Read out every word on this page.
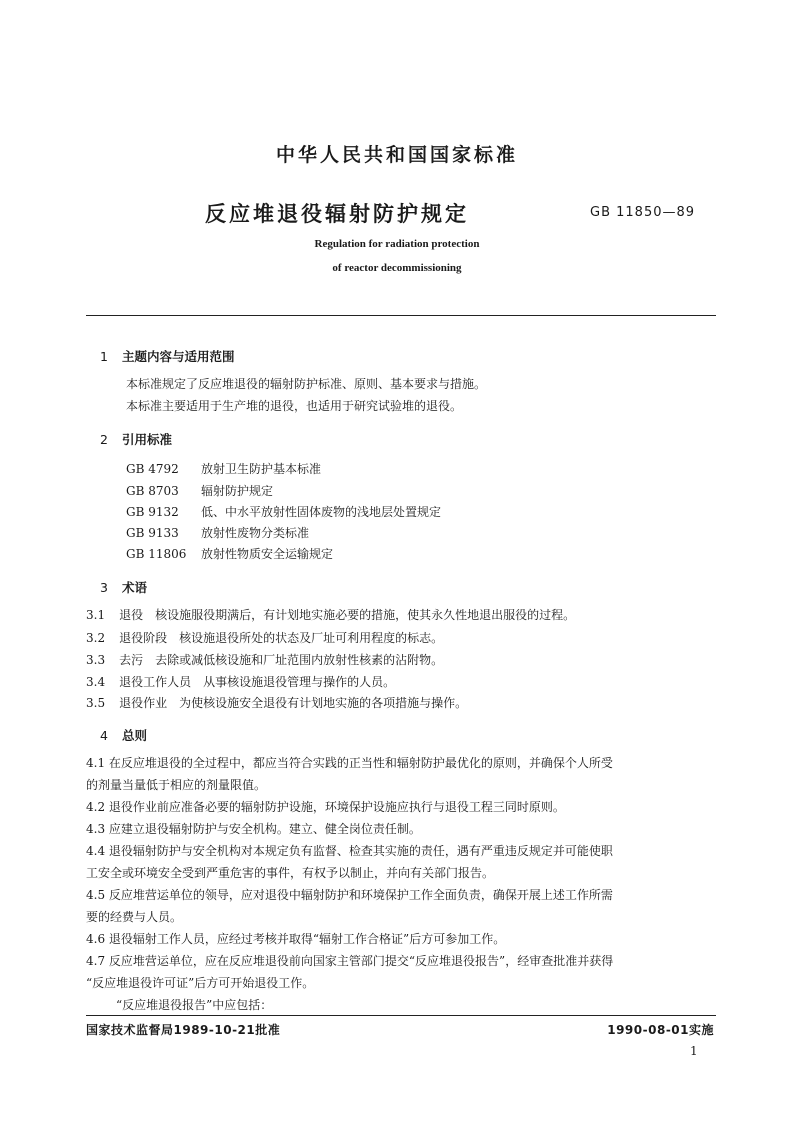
中华人民共和国国家标准
反应堆退役辐射防护规定	GB 11850—89
Regulation for radiation protection
of reactor decommissioning
1 主题内容与适用范围
本标准规定了反应堆退役的辐射防护标准、原则、基本要求与措施。
本标准主要适用于生产堆的退役，也适用于研究试验堆的退役。
2 引用标准
GB 4792 放射卫生防护基本标准
GB 8703 辐射防护规定
GB 9132 低、中水平放射性固体废物的浅地层处置规定
GB 9133 放射性废物分类标准
GB 11806 放射性物质安全运输规定
3 术语
3.1 退役 核设施服役期满后，有计划地实施必要的措施，使其永久性地退出服役的过程。
3.2 退役阶段 核设施退役所处的状态及厂址可利用程度的标志。
3.3 去污 去除或减低核设施和厂址范围内放射性核素的沾附物。
3.4 退役工作人员 从事核设施退役管理与操作的人员。
3.5 退役作业 为使核设施安全退役有计划地实施的各项措施与操作。
4 总则
4.1 在反应堆退役的全过程中，都应当符合实践的正当性和辐射防护最优化的原则，并确保个人所受
的剂量当量低于相应的剂量限值。
4.2 退役作业前应准备必要的辐射防护设施，环境保护设施应执行与退役工程三同时原则。
4.3 应建立退役辐射防护与安全机构。建立、健全岗位责任制。
4.4 退役辐射防护与安全机构对本规定负有监督、检查其实施的责任，遇有严重违反规定并可能使职
工安全或环境安全受到严重危害的事件，有权予以制止，并向有关部门报告。
4.5 反应堆营运单位的领导，应对退役中辐射防护和环境保护工作全面负责，确保开展上述工作所需
要的经费与人员。
4.6 退役辐射工作人员，应经过考核并取得“辐射工作合格证”后方可参加工作。
4.7 反应堆营运单位，应在反应堆退役前向国家主管部门提交“反应堆退役报告”，经审查批准并获得
“反应堆退役许可证”后方可开始退役工作。
“反应堆退役报告”中应包括：
国家技术监督局1989-10-21批准	1990-08-01实施
1
